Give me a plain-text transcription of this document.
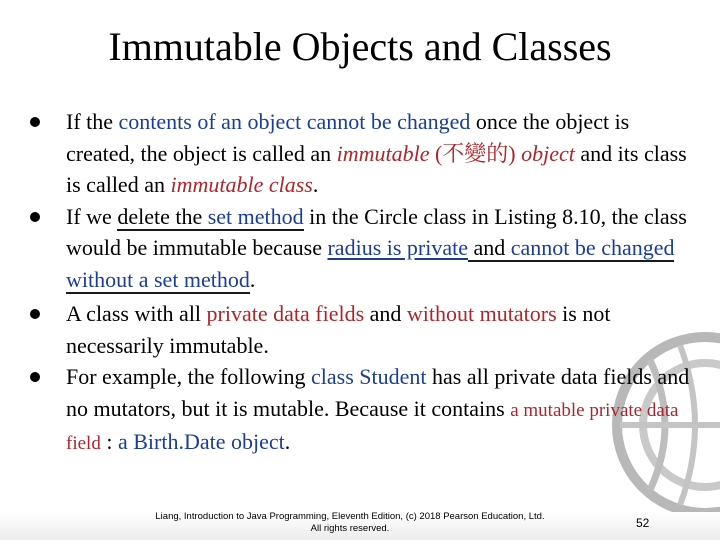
Immutable Objects and Classes
If the contents of an object cannot be changed once the object is created, the object is called an immutable (不變的) object and its class is called an immutable class.
If we delete the set method in the Circle class in Listing 8.10, the class would be immutable because radius is private and cannot be changed without a set method.
A class with all private data fields and without mutators is not necessarily immutable.
For example, the following class Student has all private data fields and no mutators, but it is mutable. Because it contains a mutable private data field : a Birth.Date object.
Liang, Introduction to Java Programming, Eleventh Edition, (c) 2018 Pearson Education, Ltd.
All rights reserved.	52
